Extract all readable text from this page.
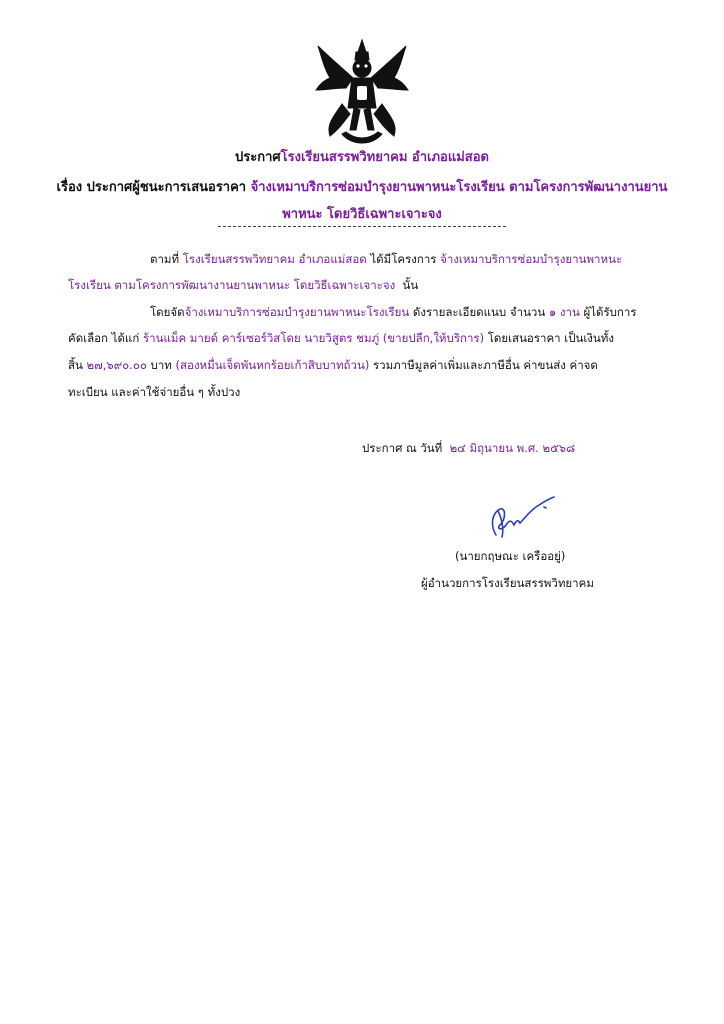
ประกาศโรงเรียนสรรพวิทยาคม อำเภอแม่สอด
เรื่อง ประกาศผู้ชนะการเสนอราคา จ้างเหมาบริการซ่อมบำรุงยานพาหนะโรงเรียน ตามโครงการพัฒนางานยาน
พาหนะ โดยวิธีเฉพาะเจาะจง
ตามที่ โรงเรียนสรรพวิทยาคม อำเภอแม่สอด ได้มีโครงการ จ้างเหมาบริการซ่อมบำรุงยานพาหนะ
โรงเรียน ตามโครงการพัฒนางานยานพาหนะ โดยวิธีเฉพาะเจาะจง นั้น
โดยจัดจ้างเหมาบริการซ่อมบำรุงยานพาหนะโรงเรียน ดังรายละเอียดแนบ จำนวน ๑ งาน ผู้ได้รับการ
คัดเลือก ได้แก่ ร้านแม็ค มายด์ คาร์เซอร์วิสโดย นายวิสูตร ชมภู่ (ขายปลีก,ให้บริการ) โดยเสนอราคา เป็นเงินทั้ง
สิ้น ๒๗,๖๙๐.๐๐ บาท (สองหมื่นเจ็ดพันหกร้อยเก้าสิบบาทถ้วน) รวมภาษีมูลค่าเพิ่มและภาษีอื่น ค่าขนส่ง ค่าจด
ทะเบียน และค่าใช้จ่ายอื่น ๆ ทั้งปวง
ประกาศ ณ วันที่ ๒๔ มิถุนายน พ.ศ. ๒๕๖๘
(นายกฤษณะ เครืออยู่)
ผู้อำนวยการโรงเรียนสรรพวิทยาคม
